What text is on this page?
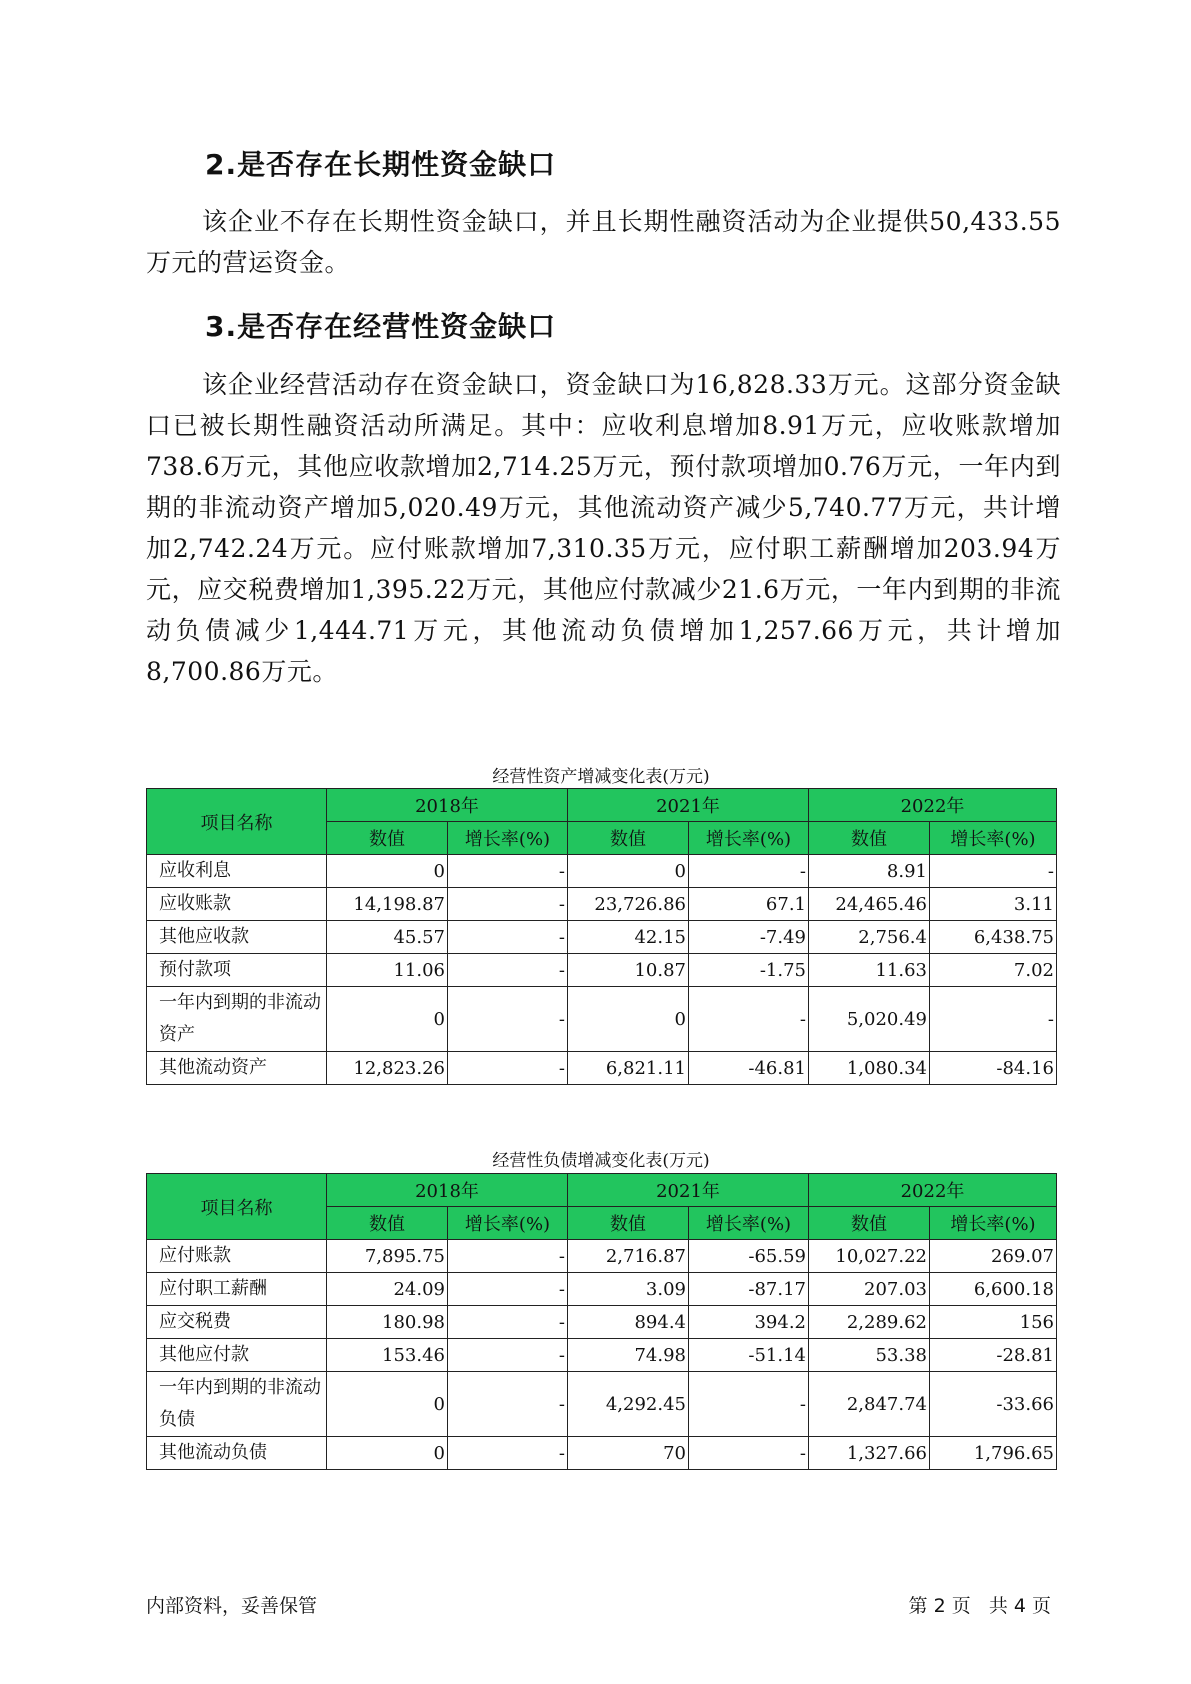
2.是否存在长期性资金缺口
该企业不存在长期性资金缺口，并且长期性融资活动为企业提供50,433.55万元的营运资金。
3.是否存在经营性资金缺口
该企业经营活动存在资金缺口，资金缺口为16,828.33万元。这部分资金缺口已被长期性融资活动所满足。其中：应收利息增加8.91万元，应收账款增加738.6万元，其他应收款增加2,714.25万元，预付款项增加0.76万元，一年内到期的非流动资产增加5,020.49万元，其他流动资产减少5,740.77万元，共计增加2,742.24万元。应付账款增加7,310.35万元，应付职工薪酬增加203.94万元，应交税费增加1,395.22万元，其他应付款减少21.6万元，一年内到期的非流动负债减少1,444.71万元，其他流动负债增加1,257.66万元，共计增加8,700.86万元。
经营性资产增减变化表(万元)
项目名称	2018年		2021年		2022年	
	数值	增长率(%)	数值	增长率(%)	数值	增长率(%)
应收利息	0	-	0	-	8.91	-
应收账款	14,198.87	-	23,726.86	67.1	24,465.46	3.11
其他应收款	45.57	-	42.15	-7.49	2,756.4	6,438.75
预付款项	11.06	-	10.87	-1.75	11.63	7.02
一年内到期的非流动资产	0	-	0	-	5,020.49	-
其他流动资产	12,823.26	-	6,821.11	-46.81	1,080.34	-84.16
经营性负债增减变化表(万元)
项目名称	2018年		2021年		2022年	
	数值	增长率(%)	数值	增长率(%)	数值	增长率(%)
应付账款	7,895.75	-	2,716.87	-65.59	10,027.22	269.07
应付职工薪酬	24.09	-	3.09	-87.17	207.03	6,600.18
应交税费	180.98	-	894.4	394.2	2,289.62	156
其他应付款	153.46	-	74.98	-51.14	53.38	-28.81
一年内到期的非流动负债	0	-	4,292.45	-	2,847.74	-33.66
其他流动负债	0	-	70	-	1,327.66	1,796.65
内部资料，妥善保管	第 2 页   共 4 页
